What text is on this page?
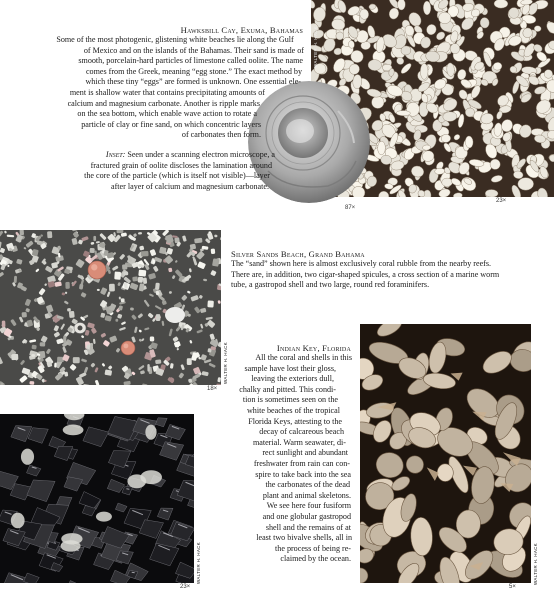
WALTER H. HACK
23×
87×
Hawksbill Cay, Exuma, Bahamas
Some of the most photogenic, glistening white beaches lie along the Gulf
of Mexico and on the islands of the Bahamas. Their sand is made of
smooth, porcelain-hard particles of limestone called oolite. The name
comes from the Greek, meaning “egg stone.” The exact method by
which these tiny “eggs” are formed is unknown. One essential ele-
ment is shallow water that contains precipitating amounts of
calcium and magnesium carbonate. Another is ripple marks
on the sea bottom, which enable wave action to rotate a
particle of clay or fine sand, on which concentric layers
of carbonates then form.
Inset: Seen under a scanning electron microscope, a
fractured grain of oolite discloses the lamination around
the core of the particle (which is itself not visible)—layer
after layer of calcium and magnesium carbonate.
WALTER H. HACK
18×
Silver Sands Beach, Grand Bahama
The “sand” shown here is almost exclusively coral rubble from the nearby reefs.
There are, in addition, two cigar-shaped spicules, a cross section of a marine worm
tube, a gastropod shell and two large, round red foraminifers.
Indian Key, Florida
All the coral and shells in this
sample have lost their gloss,
leaving the exteriors dull,
chalky and pitted. This condi-
tion is sometimes seen on the
white beaches of the tropical
Florida Keys, attesting to the
decay of calcareous beach
material. Warm seawater, di-
rect sunlight and abundant
freshwater from rain can con-
spire to take back into the sea
the carbonates of the dead
plant and animal skeletons.
We see here four fusiform
and one globular gastropod
shell and the remains of at
least two bivalve shells, all in
the process of being re-
claimed by the ocean.	WALTER H. HACK
5×
WALTER H. HACK
23×
